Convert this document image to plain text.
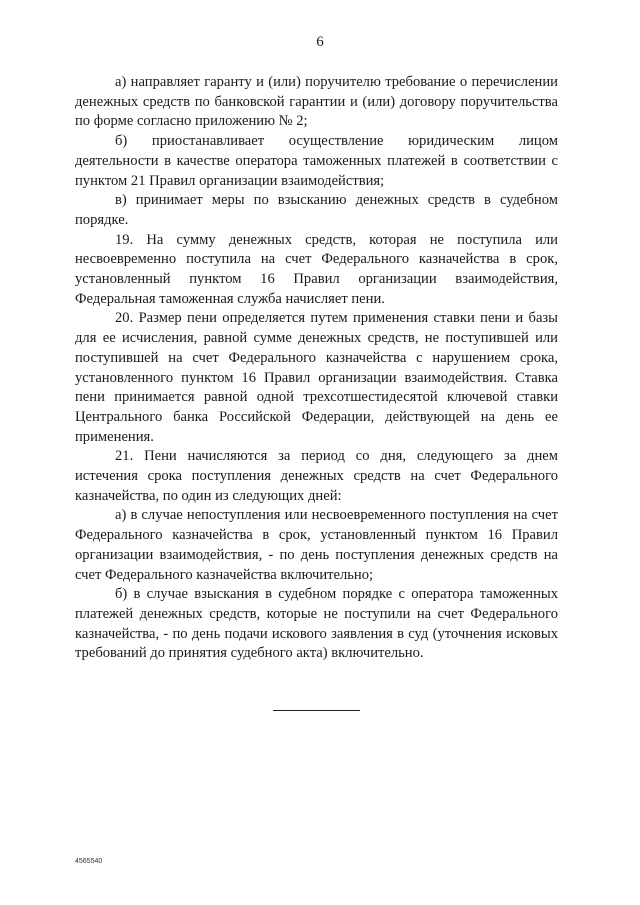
6

а) направляет гаранту и (или) поручителю требование о перечислении денежных средств по банковской гарантии и (или) договору поручительства по форме согласно приложению № 2;

б) приостанавливает осуществление юридическим лицом деятельности в качестве оператора таможенных платежей в соответствии с пунктом 21 Правил организации взаимодействия;

в) принимает меры по взысканию денежных средств в судебном порядке.

19. На сумму денежных средств, которая не поступила или несвоевременно поступила на счет Федерального казначейства в срок, установленный пунктом 16 Правил организации взаимодействия, Федеральная таможенная служба начисляет пени.

20. Размер пени определяется путем применения ставки пени и базы для ее исчисления, равной сумме денежных средств, не поступившей или поступившей на счет Федерального казначейства с нарушением срока, установленного пунктом 16 Правил организации взаимодействия. Ставка пени принимается равной одной трехсотшестидесятой ключевой ставки Центрального банка Российской Федерации, действующей на день ее применения.

21. Пени начисляются за период со дня, следующего за днем истечения срока поступления денежных средств на счет Федерального казначейства, по один из следующих дней:

а) в случае непоступления или несвоевременного поступления на счет Федерального казначейства в срок, установленный пунктом 16 Правил организации взаимодействия, - по день поступления денежных средств на счет Федерального казначейства включительно;

б) в случае взыскания в судебном порядке с оператора таможенных платежей денежных средств, которые не поступили на счет Федерального казначейства, - по день подачи искового заявления в суд (уточнения исковых требований до принятия судебного акта) включительно.

4565540
